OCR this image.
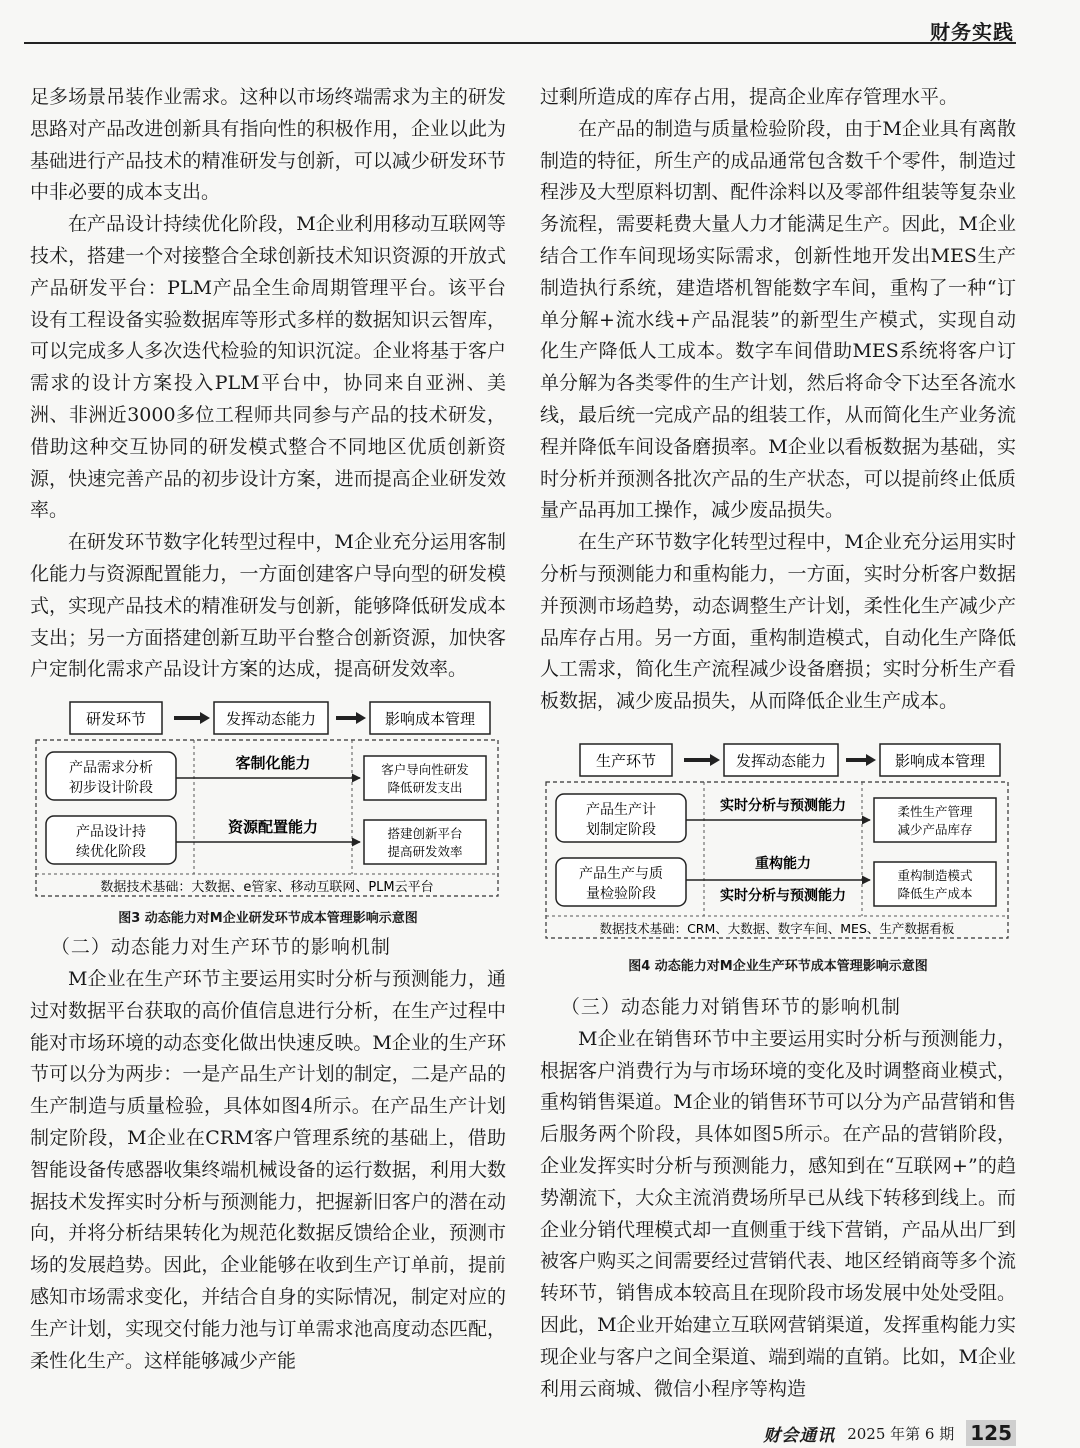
财务实践

足多场景吊装作业需求。这种以市场终端需求为主的研发思路对产品改进创新具有指向性的积极作用，企业以此为基础进行产品技术的精准研发与创新，可以减少研发环节中非必要的成本支出。

在产品设计持续优化阶段，M企业利用移动互联网等技术，搭建一个对接整合全球创新技术知识资源的开放式产品研发平台：PLM产品全生命周期管理平台。该平台设有工程设备实验数据库等形式多样的数据知识云智库，可以完成多人多次迭代检验的知识沉淀。企业将基于客户需求的设计方案投入PLM平台中，协同来自亚洲、美洲、非洲近3000多位工程师共同参与产品的技术研发，借助这种交互协同的研发模式整合不同地区优质创新资源，快速完善产品的初步设计方案，进而提高企业研发效率。

在研发环节数字化转型过程中，M企业充分运用客制化能力与资源配置能力，一方面创建客户导向型的研发模式，实现产品技术的精准研发与创新，能够降低研发成本支出；另一方面搭建创新互助平台整合创新资源，加快客户定制化需求产品设计方案的达成，提高研发效率。

研发环节	发挥动态能力	影响成本管理
产品需求分析
初步设计阶段
产品设计持
续优化阶段
客制化能力
资源配置能力
客户导向性研发
降低研发支出
搭建创新平台
提高研发效率
数据技术基础：大数据、e管家、移动互联网、PLM云平台
图3 动态能力对M企业研发环节成本管理影响示意图
（二）动态能力对生产环节的影响机制

M企业在生产环节主要运用实时分析与预测能力，通过对数据平台获取的高价值信息进行分析，在生产过程中能对市场环境的动态变化做出快速反映。M企业的生产环节可以分为两步：一是产品生产计划的制定，二是产品的生产制造与质量检验，具体如图4所示。在产品生产计划制定阶段，M企业在CRM客户管理系统的基础上，借助智能设备传感器收集终端机械设备的运行数据，利用大数据技术发挥实时分析与预测能力，把握新旧客户的潜在动向，并将分析结果转化为规范化数据反馈给企业，预测市场的发展趋势。因此，企业能够在收到生产订单前，提前感知市场需求变化，并结合自身的实际情况，制定对应的生产计划，实现交付能力池与订单需求池高度动态匹配，柔性化生产。这样能够减少产能

过剩所造成的库存占用，提高企业库存管理水平。

在产品的制造与质量检验阶段，由于M企业具有离散制造的特征，所生产的成品通常包含数千个零件，制造过程涉及大型原料切割、配件涂料以及零部件组装等复杂业务流程，需要耗费大量人力才能满足生产。因此，M企业结合工作车间现场实际需求，创新性地开发出MES生产制造执行系统，建造塔机智能数字车间，重构了一种“订单分解+流水线+产品混装”的新型生产模式，实现自动化生产降低人工成本。数字车间借助MES系统将客户订单分解为各类零件的生产计划，然后将命令下达至各流水线，最后统一完成产品的组装工作，从而简化生产业务流程并降低车间设备磨损率。M企业以看板数据为基础，实时分析并预测各批次产品的生产状态，可以提前终止低质量产品再加工操作，减少废品损失。

在生产环节数字化转型过程中，M企业充分运用实时分析与预测能力和重构能力，一方面，实时分析客户数据并预测市场趋势，动态调整生产计划，柔性化生产减少产品库存占用。另一方面，重构制造模式，自动化生产降低人工需求，简化生产流程减少设备磨损；实时分析生产看板数据，减少废品损失，从而降低企业生产成本。

生产环节	发挥动态能力	影响成本管理
产品生产计
划制定阶段
产品生产与质
量检验阶段
实时分析与预测能力
重构能力
实时分析与预测能力
柔性生产管理
减少产品库存
重构制造模式
降低生产成本
数据技术基础：CRM、大数据、数字车间、MES、生产数据看板
图4 动态能力对M企业生产环节成本管理影响示意图
（三）动态能力对销售环节的影响机制

M企业在销售环节中主要运用实时分析与预测能力，根据客户消费行为与市场环境的变化及时调整商业模式，重构销售渠道。M企业的销售环节可以分为产品营销和售后服务两个阶段，具体如图5所示。在产品的营销阶段，企业发挥实时分析与预测能力，感知到在“互联网+”的趋势潮流下，大众主流消费场所早已从线下转移到线上。而企业分销代理模式却一直侧重于线下营销，产品从出厂到被客户购买之间需要经过营销代表、地区经销商等多个流转环节，销售成本较高且在现阶段市场发展中处处受阻。因此，M企业开始建立互联网营销渠道，发挥重构能力实现企业与客户之间全渠道、端到端的直销。比如，M企业利用云商城、微信小程序等构造

财会通讯 2025 年第 6 期 125
